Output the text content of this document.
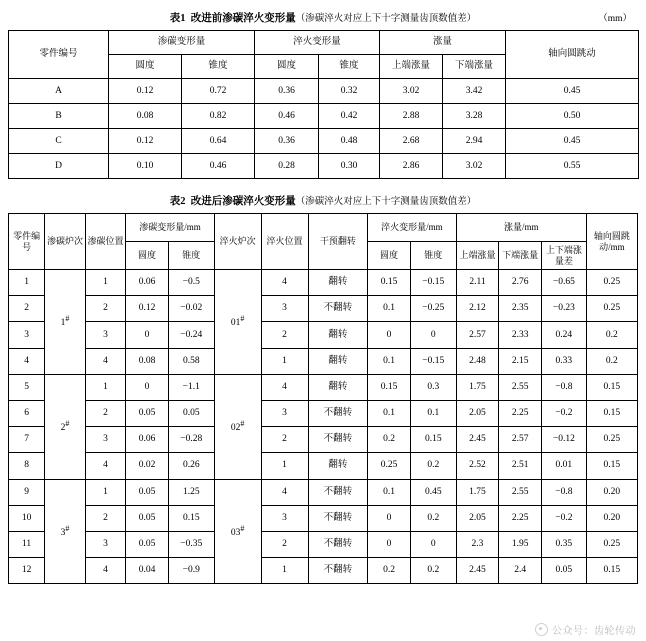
表1 改进前渗碳淬火变形量（渗碳淬火对应上下十字测量齿顶数值差）	（mm）
零件编号	渗碳变形量		淬火变形量		涨量		轴向圆跳动
	圆度	锥度	圆度	锥度	上端涨量	下端涨量	
A	0.12	0.72	0.36	0.32	3.02	3.42	0.45
B	0.08	0.82	0.46	0.42	2.88	3.28	0.50
C	0.12	0.64	0.36	0.48	2.68	2.94	0.45
D	0.10	0.46	0.28	0.30	2.86	3.02	0.55
表2 改进后渗碳淬火变形量（渗碳淬火对应上下十字测量齿顶数值差）
零件编号	渗碳炉次	渗碳位置	渗碳变形量/mm		淬火炉次	淬火位置	干预翻转	淬火变形量/mm		涨量/mm			轴向圆跳动/mm
			圆度	锥度				圆度	锥度	上端涨量	下端涨量	上下端涨量差	
1	1#	1	0.06	−0.5	01#	4	翻转	0.15	−0.15	2.11	2.76	−0.65	0.25
2		2	0.12	−0.02		3	不翻转	0.1	−0.25	2.12	2.35	−0.23	0.25
3		3	0	−0.24		2	翻转	0	0	2.57	2.33	0.24	0.2
4		4	0.08	0.58		1	翻转	0.1	−0.15	2.48	2.15	0.33	0.2
5	2#	1	0	−1.1	02#	4	翻转	0.15	0.3	1.75	2.55	−0.8	0.15
6		2	0.05	0.05		3	不翻转	0.1	0.1	2.05	2.25	−0.2	0.15
7		3	0.06	−0.28		2	不翻转	0.2	0.15	2.45	2.57	−0.12	0.25
8		4	0.02	0.26		1	翻转	0.25	0.2	2.52	2.51	0.01	0.15
9	3#	1	0.05	1.25	03#	4	不翻转	0.1	0.45	1.75	2.55	−0.8	0.20
10		2	0.05	0.15		3	不翻转	0	0.2	2.05	2.25	−0.2	0.20
11		3	0.05	−0.35		2	不翻转	0	0	2.3	1.95	0.35	0.25
12		4	0.04	−0.9		1	不翻转	0.2	0.2	2.45	2.4	0.05	0.15
公众号：齿轮传动
